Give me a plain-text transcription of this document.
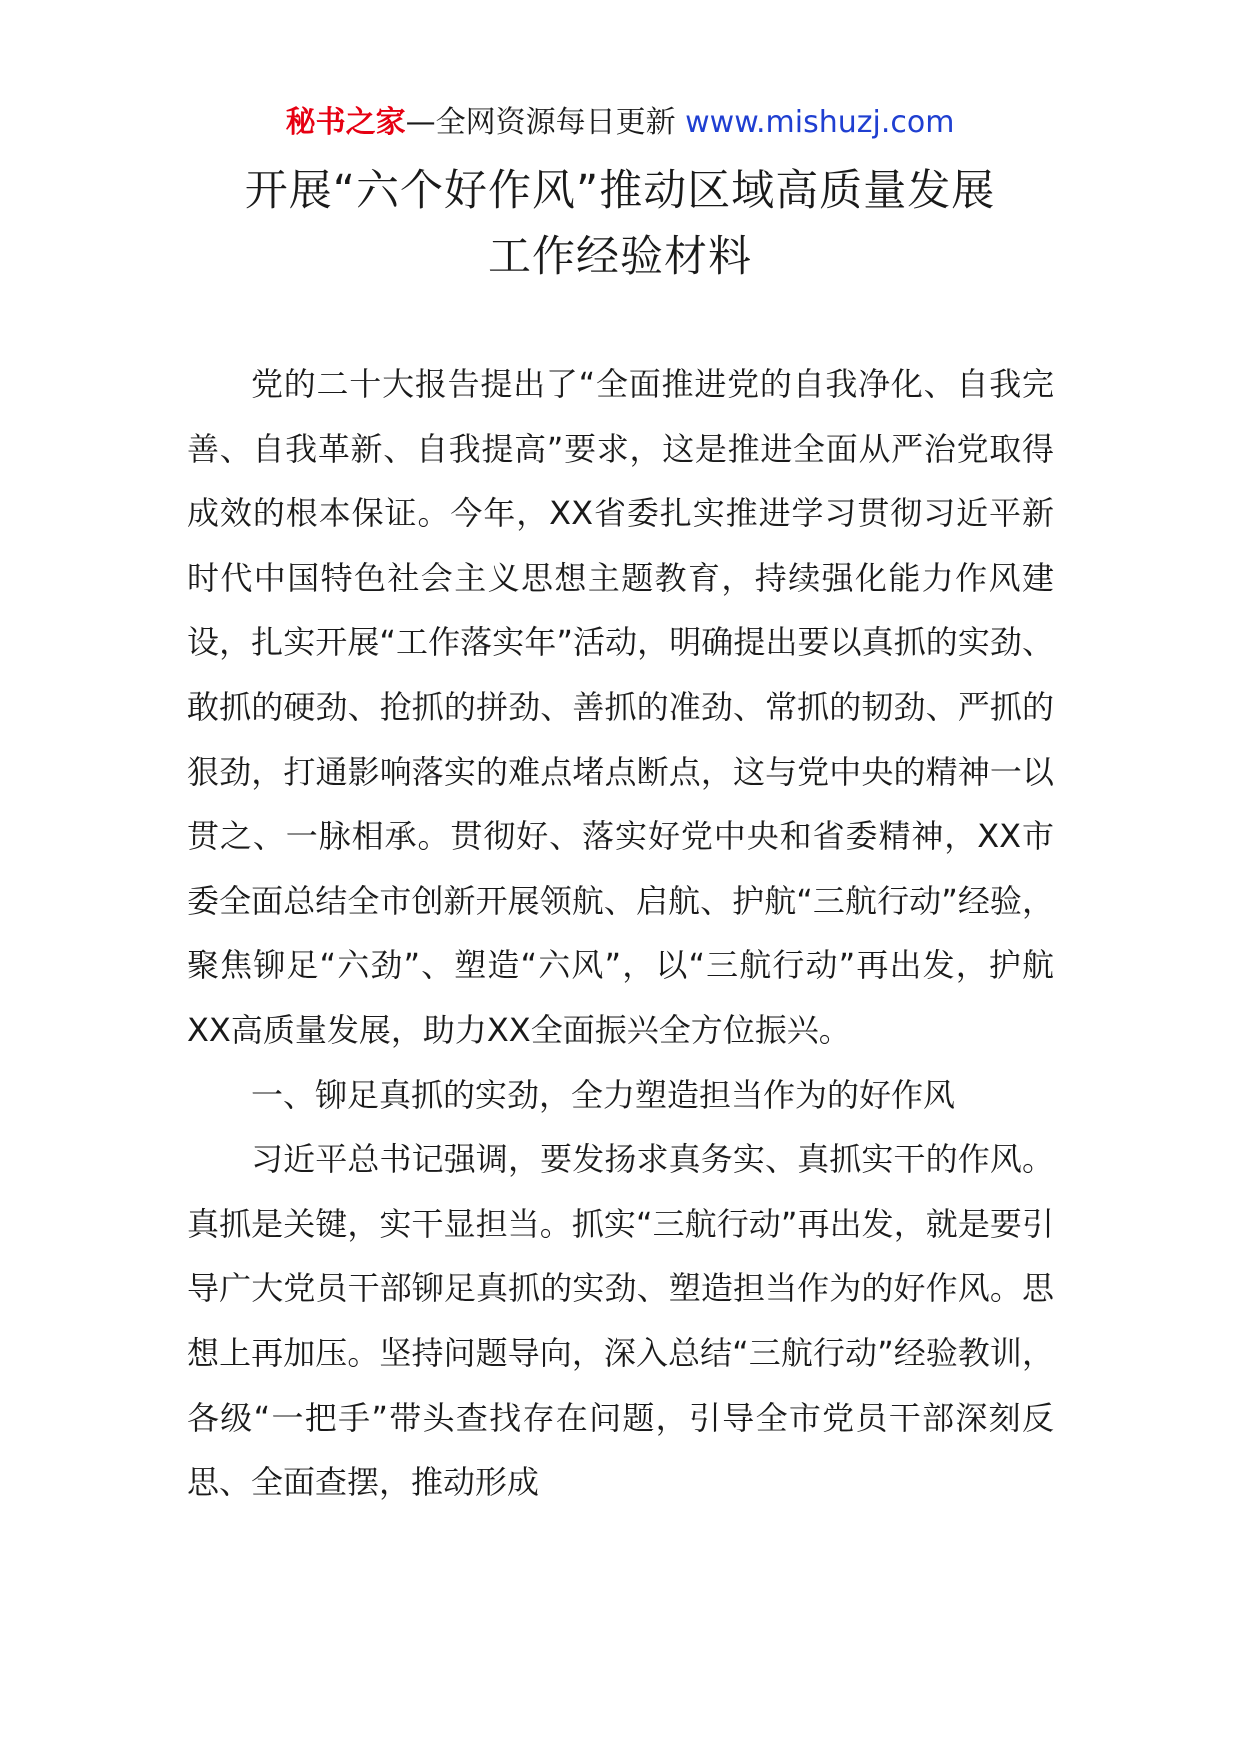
秘书之家—全网资源每日更新 www.mishuzj.com
开展“六个好作风”推动区域高质量发展
工作经验材料

党的二十大报告提出了“全面推进党的自我净化、自我完善、自我革新、自我提高”要求，这是推进全面从严治党取得成效的根本保证。今年，XX省委扎实推进学习贯彻习近平新时代中国特色社会主义思想主题教育，持续强化能力作风建设，扎实开展“工作落实年”活动，明确提出要以真抓的实劲、敢抓的硬劲、抢抓的拼劲、善抓的准劲、常抓的韧劲、严抓的狠劲，打通影响落实的难点堵点断点，这与党中央的精神一以贯之、一脉相承。贯彻好、落实好党中央和省委精神，XX市委全面总结全市创新开展领航、启航、护航“三航行动”经验，聚焦铆足“六劲”、塑造“六风”，以“三航行动”再出发，护航XX高质量发展，助力XX全面振兴全方位振兴。

一、铆足真抓的实劲，全力塑造担当作为的好作风

习近平总书记强调，要发扬求真务实、真抓实干的作风。真抓是关键，实干显担当。抓实“三航行动”再出发，就是要引导广大党员干部铆足真抓的实劲、塑造担当作为的好作风。思想上再加压。坚持问题导向，深入总结“三航行动”经验教训，各级“一把手”带头查找存在问题，引导全市党员干部深刻反思、全面查摆，推动形成
